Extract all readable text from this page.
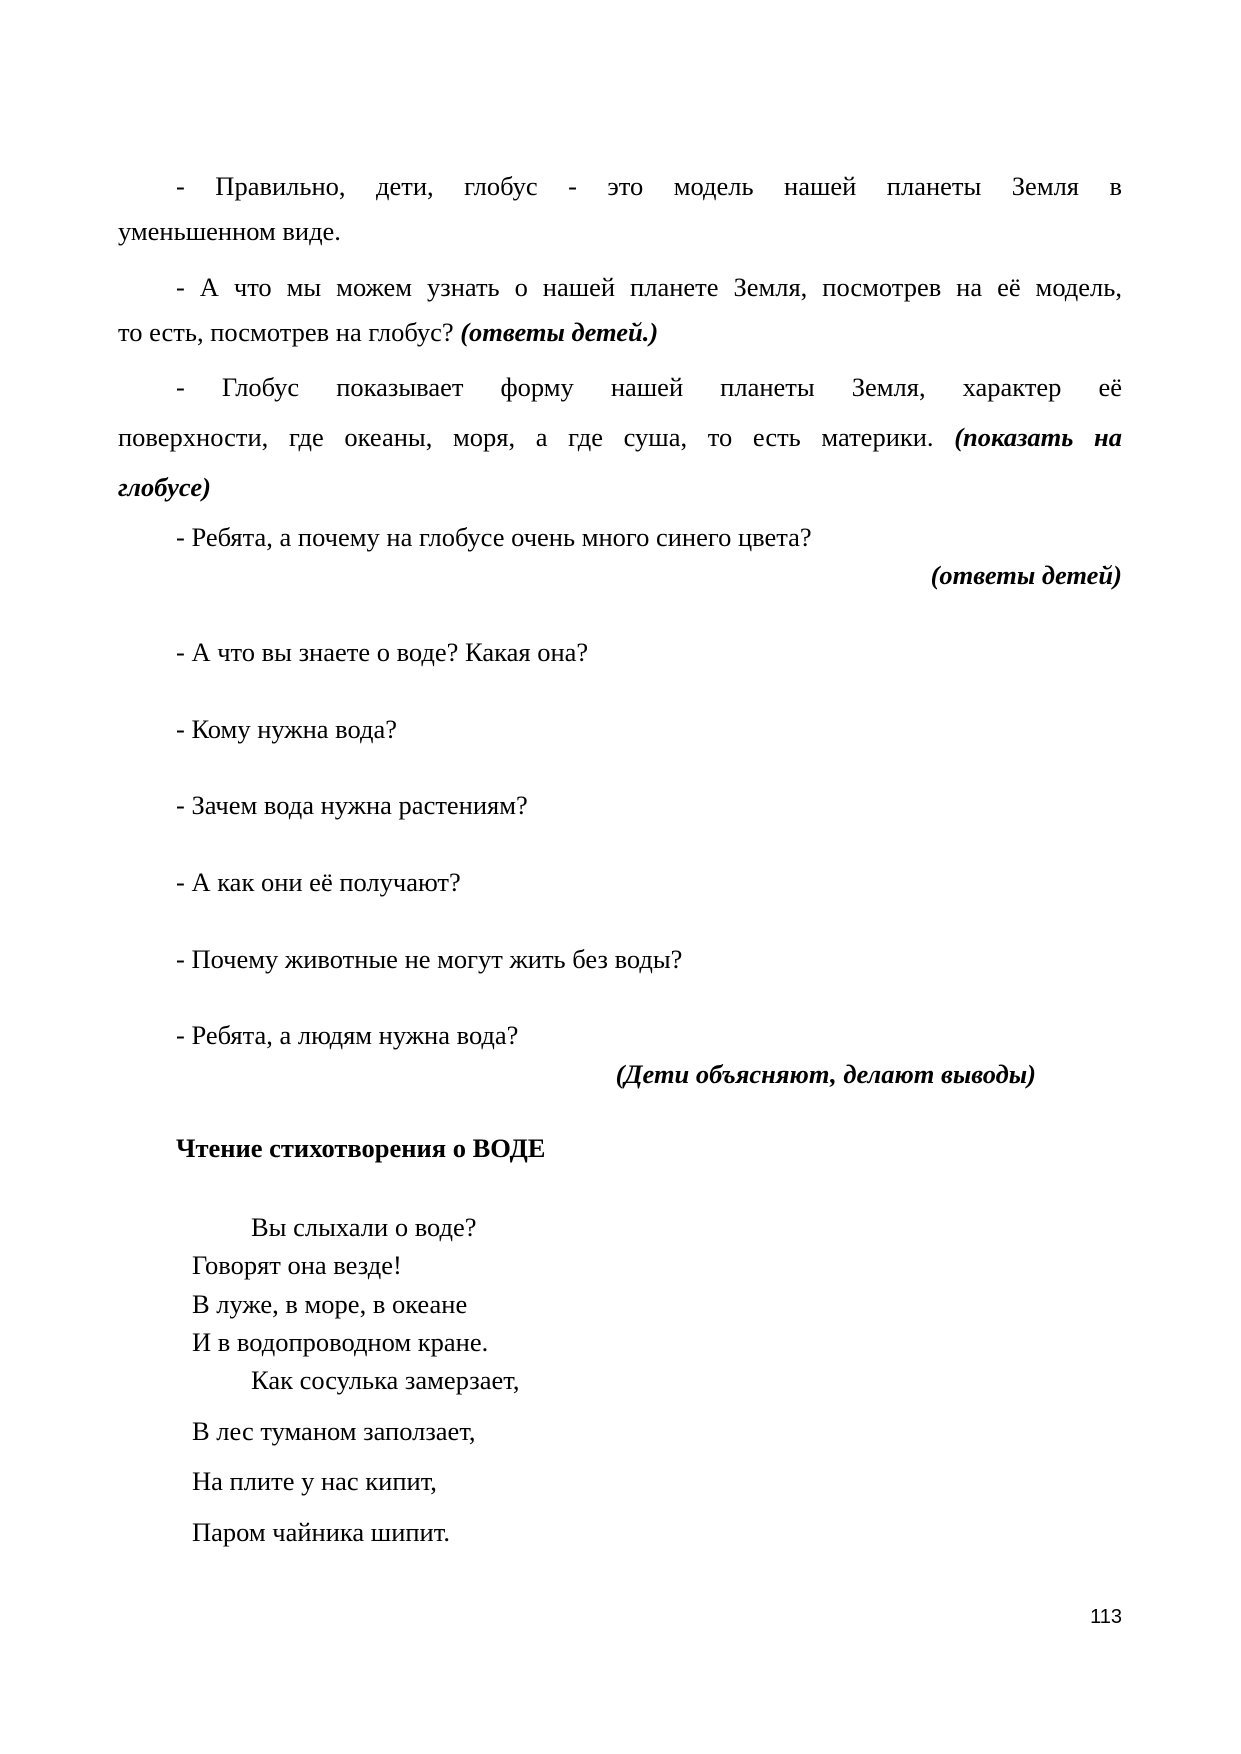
- Правильно, дети, глобус - это модель нашей планеты Земля в
уменьшенном виде.
- А что мы можем узнать о нашей планете Земля, посмотрев на её модель,
то есть, посмотрев на глобус? (ответы детей.)
- Глобус показывает форму нашей планеты Земля, характер её
поверхности, где океаны, моря, а где суша, то есть материки. (показать на
глобусе)
- Ребята, а почему на глобусе очень много синего цвета?
(ответы детей)
- А что вы знаете о воде? Какая она?
- Кому нужна вода?
- Зачем вода нужна растениям?
- А как они её получают?
- Почему животные не могут жить без воды?
- Ребята, а людям нужна вода?
(Дети объясняют, делают выводы)
Чтение стихотворения о ВОДЕ
Вы слыхали о воде?
Говорят она везде!
В луже, в море, в океане
И в водопроводном кране.
Как сосулька замерзает,
В лес туманом заползает,
На плите у нас кипит,
Паром чайника шипит.
113
